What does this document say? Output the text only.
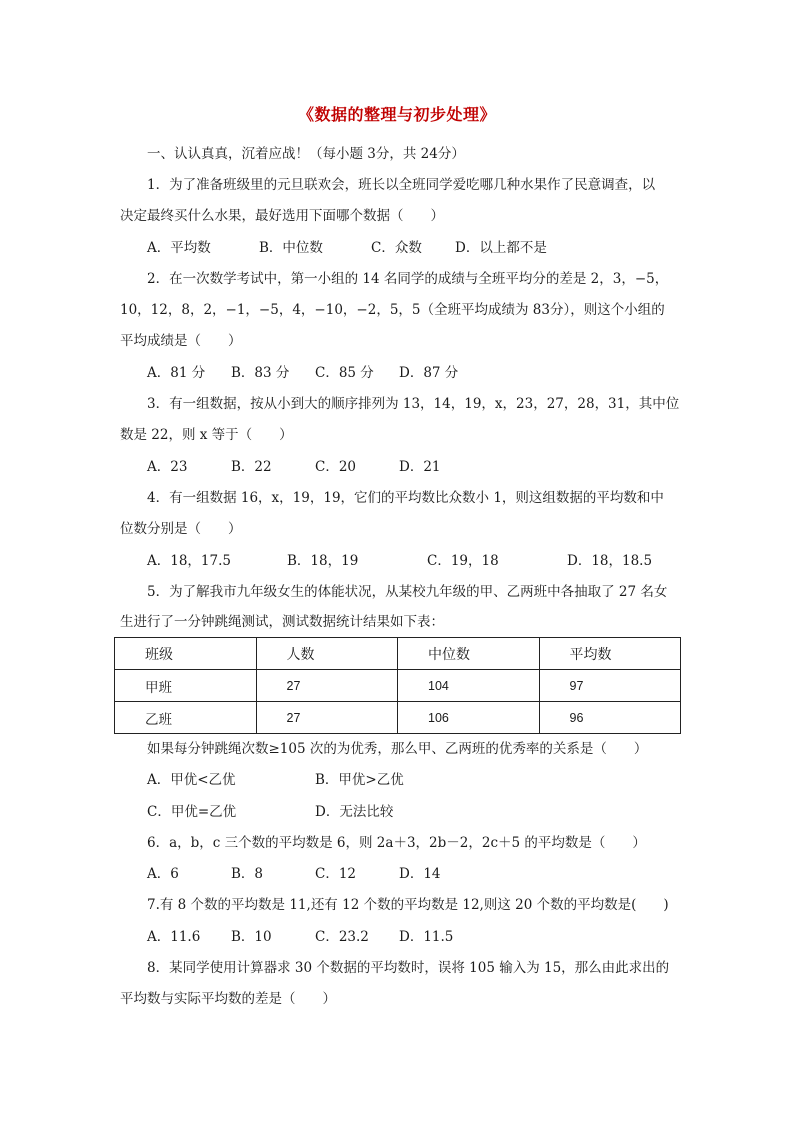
《数据的整理与初步处理》
一、认认真真，沉着应战！（每小题 3分，共 24分）
1．为了准备班级里的元旦联欢会，班长以全班同学爱吃哪几种水果作了民意调查，以
决定最终买什么水果，最好选用下面哪个数据（　　）
A．平均数	B．中位数	C．众数 D．以上都不是
2．在一次数学考试中，第一小组的 14 名同学的成绩与全班平均分的差是 2，3，−5，
10，12，8，2，−1，−5，4，−10，−2，5，5（全班平均成绩为 83分），则这个小组的
平均成绩是（　　）
A．81 分 B．83 分 C．85 分 D．87 分
3．有一组数据，按从小到大的顺序排列为 13，14，19，x，23，27，28，31，其中位
数是 22，则 x 等于（　　）
A．23	B．22	C．20	D．21
4．有一组数据 16，x，19，19，它们的平均数比众数小 1，则这组数据的平均数和中
位数分别是（　　）
A．18，17.5	B．18，19	C．19，18	D．18，18.5
5．为了解我市九年级女生的体能状况，从某校九年级的甲、乙两班中各抽取了 27 名女
生进行了一分钟跳绳测试，测试数据统计结果如下表：
班级	人数	中位数	平均数
甲班	27	104	97
乙班	27	106	96
如果每分钟跳绳次数≥105 次的为优秀，那么甲、乙两班的优秀率的关系是（　　）
A．甲优<乙优	B．甲优>乙优
C．甲优=乙优	D．无法比较
6．a，b，c 三个数的平均数是 6，则 2a＋3，2b－2，2c＋5 的平均数是（　　）
A．6	B．8	C．12	D．14
7.有 8 个数的平均数是 11,还有 12 个数的平均数是 12,则这 20 个数的平均数是(　　)
A．11.6 B．10	C．23.2 D．11.5
8．某同学使用计算器求 30 个数据的平均数时，误将 105 输入为 15，那么由此求出的
平均数与实际平均数的差是（　　）
